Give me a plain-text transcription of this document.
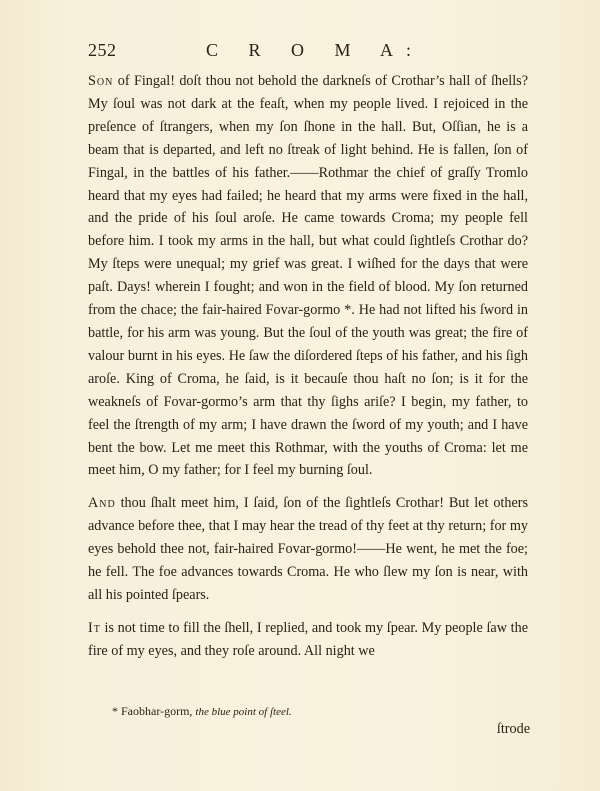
252	C R O M A:

Son of Fingal! doſt thou not behold the darkneſs of Crothar’s hall of ſhells? My ſoul was not dark at the feaſt, when my people lived. I rejoiced in the preſence of ſtrangers, when my ſon ſhone in the hall. But, Oſſian, he is a beam that is departed, and left no ſtreak of light behind. He is fallen, ſon of Fingal, in the battles of his father.——Rothmar the chief of graſſy Tromlo heard that my eyes had failed; he heard that my arms were fixed in the hall, and the pride of his ſoul aroſe. He came towards Croma; my people fell before him. I took my arms in the hall, but what could ſightleſs Crothar do? My ſteps were unequal; my grief was great. I wiſhed for the days that were paſt. Days! wherein I fought; and won in the field of blood. My ſon returned from the chace; the fair-haired Fovar-gormo *. He had not lifted his ſword in battle, for his arm was young. But the ſoul of the youth was great; the fire of valour burnt in his eyes. He ſaw the diſordered ſteps of his father, and his ſigh aroſe. King of Croma, he ſaid, is it becauſe thou haſt no ſon; is it for the weakneſs of Fovar-gormo’s arm that thy ſighs ariſe? I begin, my father, to feel the ſtrength of my arm; I have drawn the ſword of my youth; and I have bent the bow. Let me meet this Rothmar, with the youths of Croma: let me meet him, O my father; for I feel my burning ſoul.

And thou ſhalt meet him, I ſaid, ſon of the ſightleſs Crothar! But let others advance before thee, that I may hear the tread of thy feet at thy return; for my eyes behold thee not, fair-haired Fovar-gormo!——He went, he met the foe; he fell. The foe advances towards Croma. He who ſlew my ſon is near, with all his pointed ſpears.

It is not time to fill the ſhell, I replied, and took my ſpear. My people ſaw the fire of my eyes, and they roſe around. All night we

* Faobhar-gorm, the blue point of ſteel.
ſtrode
